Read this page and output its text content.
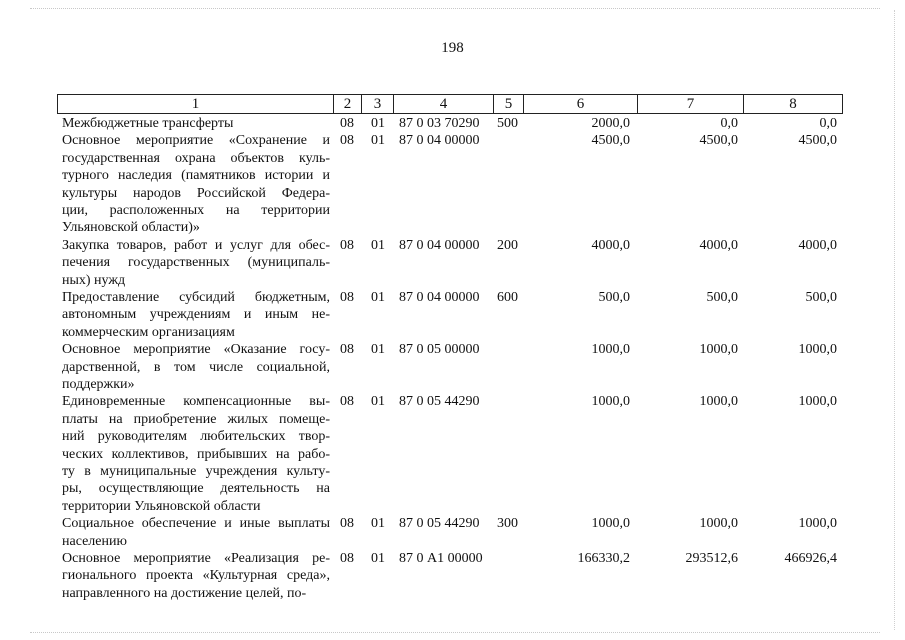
198
1	2	3	4	5	6	7	8
Межбюджетные трансферты	08 01 87 0 03 70290 500	2000,0	0,0	0,0
Основное мероприятие «Сохранение и
государственная охрана объектов куль-
турного наследия (памятников истории и
культуры народов Российской Федера-
ции, расположенных на территории
Ульяновской области)»
08 01 87 0 04 00000	4500,0	4500,0	4500,0
Закупка товаров, работ и услуг для обес-
печения государственных (муниципаль-
ных) нужд
08 01 87 0 04 00000 200	4000,0	4000,0	4000,0
Предоставление субсидий бюджетным,
автономным учреждениям и иным не-
коммерческим организациям
08 01 87 0 04 00000 600	500,0	500,0	500,0
Основное мероприятие «Оказание госу-
дарственной, в том числе социальной,
поддержки»
08 01 87 0 05 00000	1000,0	1000,0	1000,0
Единовременные компенсационные вы-
платы на приобретение жилых помеще-
ний руководителям любительских твор-
ческих коллективов, прибывших на рабо-
ту в муниципальные учреждения культу-
ры, осуществляющие деятельность на
территории Ульяновской области
08 01 87 0 05 44290	1000,0	1000,0	1000,0
Социальное обеспечение и иные выплаты
населению
08 01 87 0 05 44290 300	1000,0	1000,0	1000,0
Основное мероприятие «Реализация ре-
гионального проекта «Культурная среда»,
направленного на достижение целей, по-
08 01 87 0 А1 00000	166330,2	293512,6	466926,4
